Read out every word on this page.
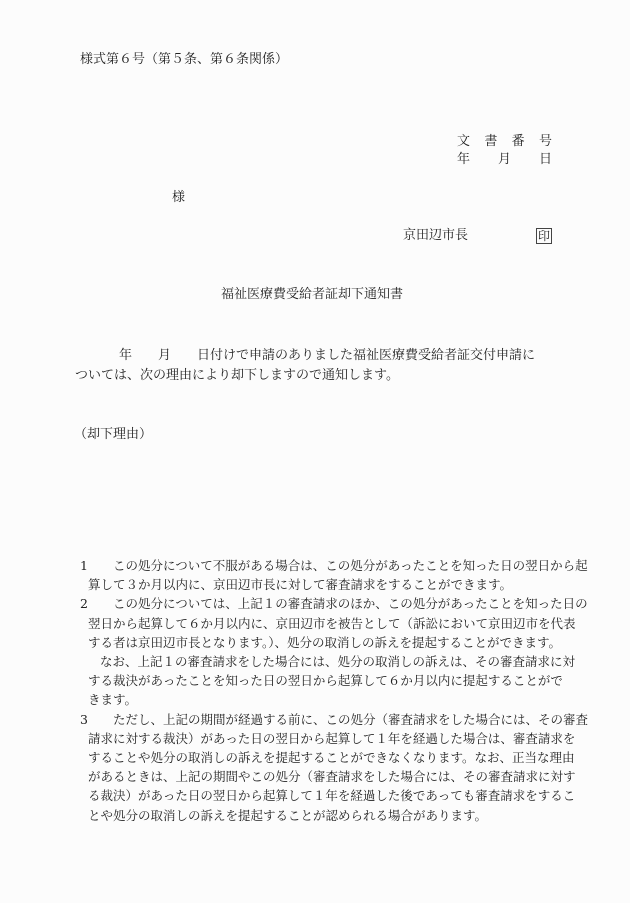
様式第６号（第５条、第６条関係）
文 書 番 号
年 月 日
様
京田辺市長	印
福祉医療費受給者証却下通知書
年　　月　　日付けで申請のありました福祉医療費受給者証交付申請に
ついては、次の理由により却下しますので通知します。
（却下理由）
1　　 この処分について不服がある場合は、この処分があったことを知った日の翌日から起
算して３か月以内に、京田辺市長に対して審査請求をすることができます。
2　　 この処分については、上記１の審査請求のほか、この処分があったことを知った日の
翌日から起算して６か月以内に、京田辺市を被告として（訴訟において京田辺市を代表
する者は京田辺市長となります。）、処分の取消しの訴えを提起することができます。
なお、上記１の審査請求をした場合には、処分の取消しの訴えは、その審査請求に対
する裁決があったことを知った日の翌日から起算して６か月以内に提起することがで
きます。
3　　 ただし、上記の期間が経過する前に、この処分（審査請求をした場合には、その審査
請求に対する裁決）があった日の翌日から起算して１年を経過した場合は、審査請求を
することや処分の取消しの訴えを提起することができなくなります。なお、正当な理由
があるときは、上記の期間やこの処分（審査請求をした場合には、その審査請求に対す
る裁決）があった日の翌日から起算して１年を経過した後であっても審査請求をするこ
とや処分の取消しの訴えを提起することが認められる場合があります。
